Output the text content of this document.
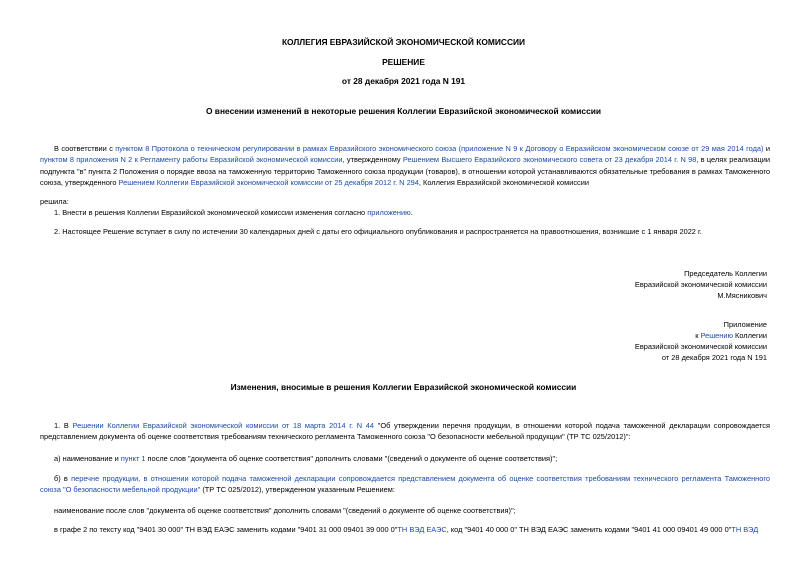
КОЛЛЕГИЯ ЕВРАЗИЙСКОЙ ЭКОНОМИЧЕСКОЙ КОМИССИИ
РЕШЕНИЕ
от 28 декабря 2021 года N 191
О внесении изменений в некоторые решения Коллегии Евразийской экономической комиссии
В соответствии с пунктом 8 Протокола о техническом регулировании в рамках Евразийского экономического союза (приложение N 9 к Договору о Евразийском экономическом союзе от 29 мая 2014 года) и пунктом 8 приложения N 2 к Регламенту работы Евразийской экономической комиссии, утвержденному Решением Высшего Евразийского экономического совета от 23 декабря 2014 г. N 98, в целях реализации подпункта "в" пункта 2 Положения о порядке ввоза на таможенную территорию Таможенного союза продукции (товаров), в отношении которой устанавливаются обязательные требования в рамках Таможенного союза, утвержденного Решением Коллегии Евразийской экономической комиссии от 25 декабря 2012 г. N 294, Коллегия Евразийской экономической комиссии
решила:
1. Внести в решения Коллегии Евразийской экономической комиссии изменения согласно приложению.
2. Настоящее Решение вступает в силу по истечении 30 календарных дней с даты его официального опубликования и распространяется на правоотношения, возникшие с 1 января 2022 г.
Председатель Коллегии
Евразийской экономической комиссии
М.Мясникович
Приложение
к Решению Коллегии
Евразийской экономической комиссии
от 28 декабря 2021 года N 191
Изменения, вносимые в решения Коллегии Евразийской экономической комиссии
1. В Решении Коллегии Евразийской экономической комиссии от 18 марта 2014 г. N 44 "Об утверждении перечня продукции, в отношении которой подача таможенной декларации сопровождается представлением документа об оценке соответствия требованиям технического регламента Таможенного союза "О безопасности мебельной продукции" (ТР ТС 025/2012)":
а) наименование и пункт 1 после слов "документа об оценке соответствия" дополнить словами "(сведений о документе об оценке соответствия)";
б) в перечне продукции, в отношении которой подача таможенной декларации сопровождается представлением документа об оценке соответствия требованиям технического регламента Таможенного союза "О безопасности мебельной продукции" (ТР ТС 025/2012), утвержденном указанным Решением:
наименование после слов "документа об оценке соответствия" дополнить словами "(сведений о документе об оценке соответствия)";
в графе 2 по тексту код "9401 30 000" ТН ВЭД ЕАЭС заменить кодами "9401 31 000 09401 39 000 0"ТН ВЭД ЕАЭС, код "9401 40 000 0" ТН ВЭД ЕАЭС заменить кодами "9401 41 000 09401 49 000 0"ТН ВЭД
